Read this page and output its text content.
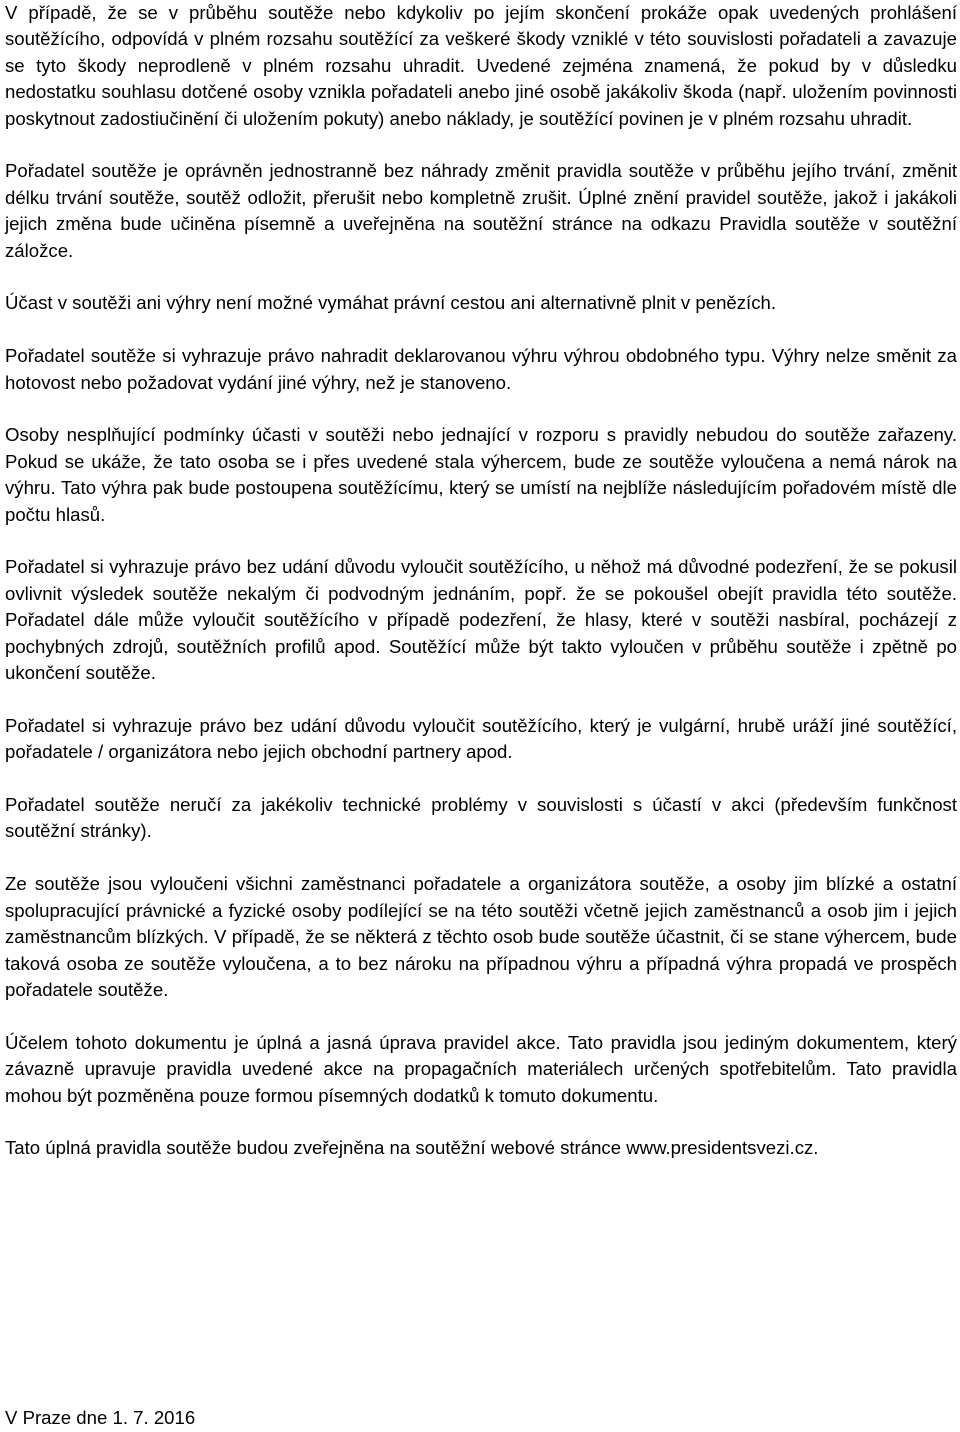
V případě, že se v průběhu soutěže nebo kdykoliv po jejím skončení prokáže opak uvedených prohlášení soutěžícího, odpovídá v plném rozsahu soutěžící za veškeré škody vzniklé v této souvislosti pořadateli a zavazuje se tyto škody neprodleně v plném rozsahu uhradit. Uvedené zejména znamená, že pokud by v důsledku nedostatku souhlasu dotčené osoby vznikla pořadateli anebo jiné osobě jakákoliv škoda (např. uložením povinnosti poskytnout zadostiučinění či uložením pokuty) anebo náklady, je soutěžící povinen je v plném rozsahu uhradit.

Pořadatel soutěže je oprávněn jednostranně bez náhrady změnit pravidla soutěže v průběhu jejího trvání, změnit délku trvání soutěže, soutěž odložit, přerušit nebo kompletně zrušit. Úplné znění pravidel soutěže, jakož i jakákoli jejich změna bude učiněna písemně a uveřejněna na soutěžní stránce na odkazu Pravidla soutěže v soutěžní záložce.

Účast v soutěži ani výhry není možné vymáhat právní cestou ani alternativně plnit v penězích.

Pořadatel soutěže si vyhrazuje právo nahradit deklarovanou výhru výhrou obdobného typu. Výhry nelze směnit za hotovost nebo požadovat vydání jiné výhry, než je stanoveno.

Osoby nesplňující podmínky účasti v soutěži nebo jednající v rozporu s pravidly nebudou do soutěže zařazeny. Pokud se ukáže, že tato osoba se i přes uvedené stala výhercem, bude ze soutěže vyloučena a nemá nárok na výhru. Tato výhra pak bude postoupena soutěžícímu, který se umístí na nejblíže následujícím pořadovém místě dle počtu hlasů.

Pořadatel si vyhrazuje právo bez udání důvodu vyloučit soutěžícího, u něhož má důvodné podezření, že se pokusil ovlivnit výsledek soutěže nekalým či podvodným jednáním, popř. že se pokoušel obejít pravidla této soutěže. Pořadatel dále může vyloučit soutěžícího v případě podezření, že hlasy, které v soutěži nasbíral, pocházejí z pochybných zdrojů, soutěžních profilů apod. Soutěžící může být takto vyloučen v průběhu soutěže i zpětně po ukončení soutěže.

Pořadatel si vyhrazuje právo bez udání důvodu vyloučit soutěžícího, který je vulgární, hrubě uráží jiné soutěžící, pořadatele / organizátora nebo jejich obchodní partnery apod.

Pořadatel soutěže neručí za jakékoliv technické problémy v souvislosti s účastí v akci (především funkčnost soutěžní stránky).

Ze soutěže jsou vyloučeni všichni zaměstnanci pořadatele a organizátora soutěže, a osoby jim blízké a ostatní spolupracující právnické a fyzické osoby podílející se na této soutěži včetně jejich zaměstnanců a osob jim i jejich zaměstnancům blízkých. V případě, že se některá z těchto osob bude soutěže účastnit, či se stane výhercem, bude taková osoba ze soutěže vyloučena, a to bez nároku na případnou výhru a případná výhra propadá ve prospěch pořadatele soutěže.

Účelem tohoto dokumentu je úplná a jasná úprava pravidel akce. Tato pravidla jsou jediným dokumentem, který závazně upravuje pravidla uvedené akce na propagačních materiálech určených spotřebitelům. Tato pravidla mohou být pozměněna pouze formou písemných dodatků k tomuto dokumentu.

Tato úplná pravidla soutěže budou zveřejněna na soutěžní webové stránce www.presidentsvezi.cz.

V Praze dne 1. 7. 2016
